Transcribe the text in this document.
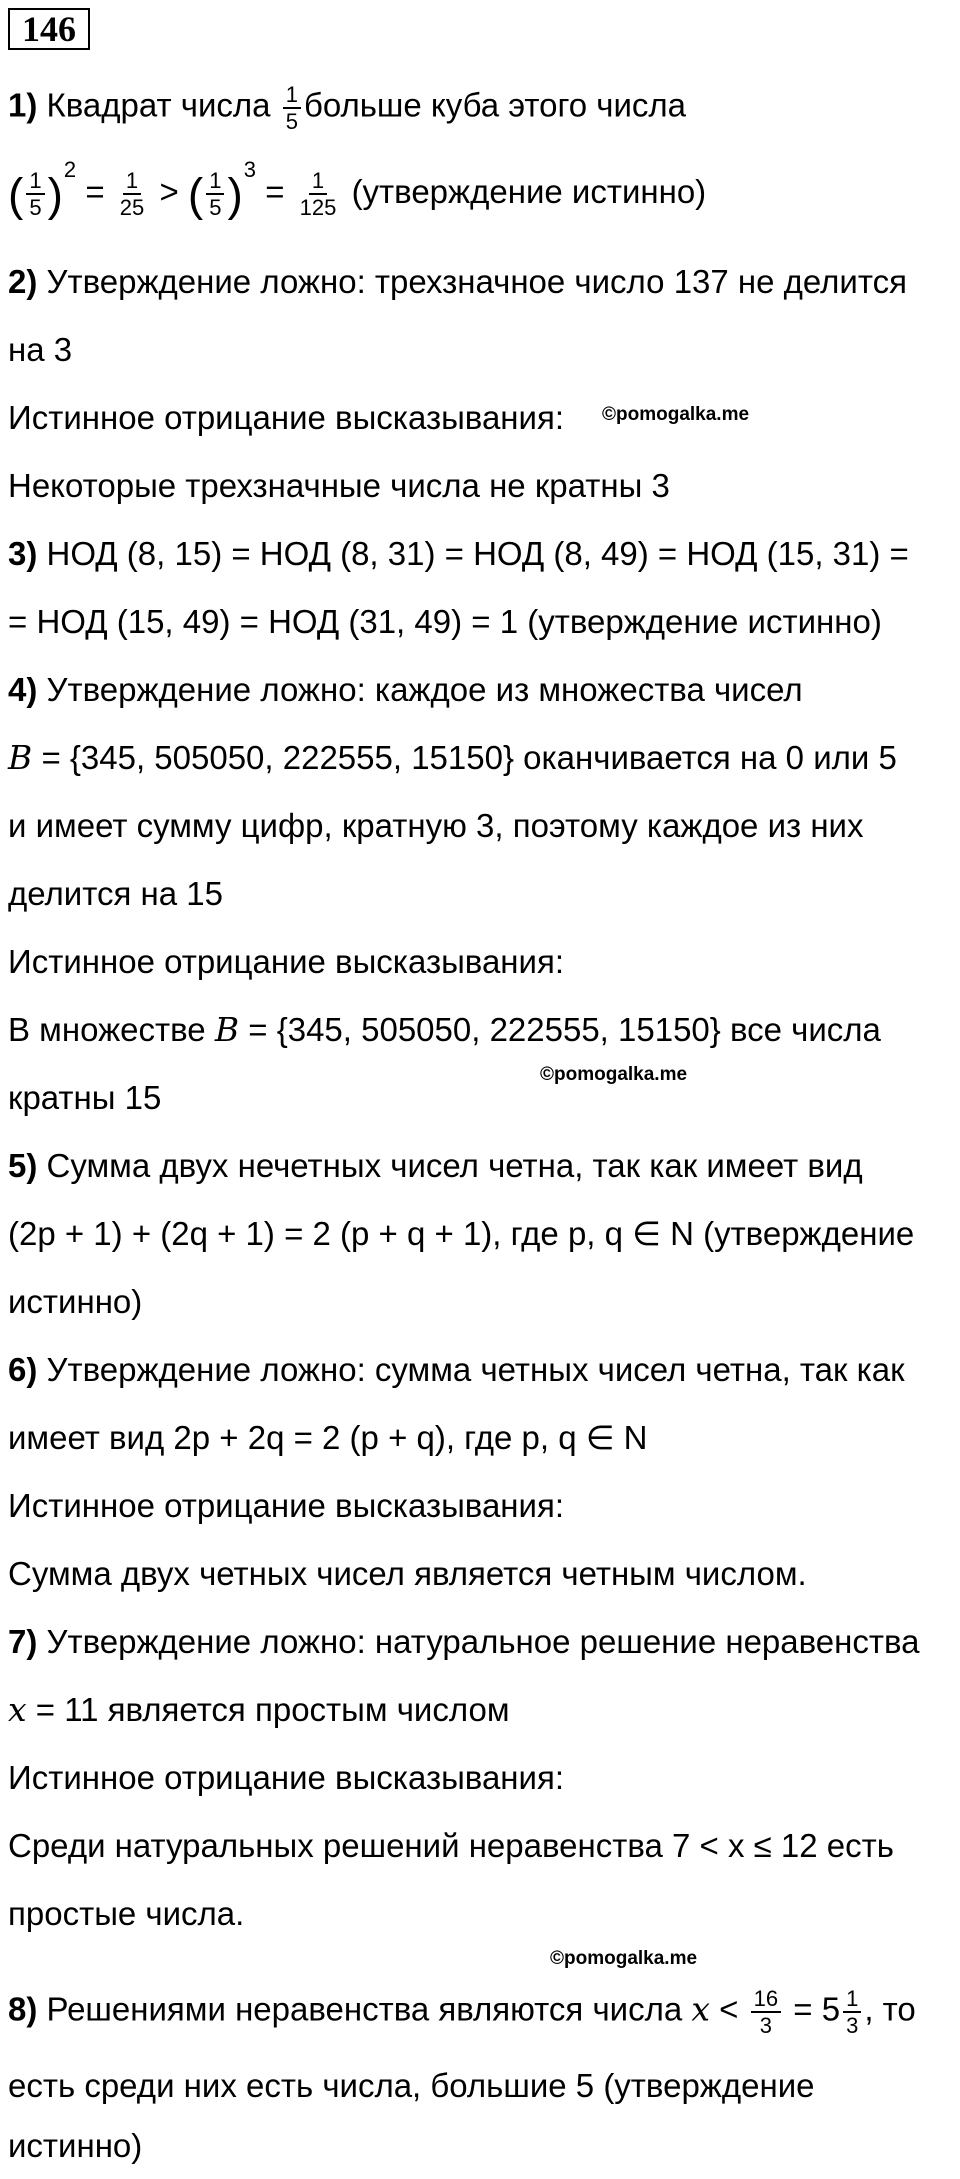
146
1) Квадрат числа $\frac{1}{5}$ больше куба этого числа
( $\frac{1}{5} )^2 = \frac{1}{25}$ > ( $\frac{1}{5} )^3 = \frac{1}{125}$ (утверждение истинно)
2) Утверждение ложно: трехзначное число 137 не делится
на 3
Истинное отрицание высказывания: ©pomogalka.me
Некоторые трехзначные числа не кратны 3
3) НОД (8, 15) = НОД (8, 31) = НОД (8, 49) = НОД (15, 31) =
= НОД (15, 49) = НОД (31, 49) = 1 (утверждение истинно)
4) Утверждение ложно: каждое из множества чисел
B = {345, 505050, 222555, 15150} оканчивается на 0 или 5
и имеет сумму цифр, кратную 3, поэтому каждое из них
делится на 15
Истинное отрицание высказывания:
В множестве B = {345, 505050, 222555, 15150} все числа
©pomogalka.me
кратны 15
5) Сумма двух нечетных чисел четна, так как имеет вид
(2p + 1) + (2q + 1) = 2 (p + q + 1), где p, q ∈ N (утверждение
истинно)
6) Утверждение ложно: сумма четных чисел четна, так как
имеет вид 2p + 2q = 2 (p + q), где p, q ∈ N
Истинное отрицание высказывания:
Сумма двух четных чисел является четным числом.
7) Утверждение ложно: натуральное решение неравенства
x = 11 является простым числом
Истинное отрицание высказывания:
Среди натуральных решений неравенства 7 < x ≤ 12 есть
простые числа.
©pomogalka.me
8) Решениями неравенства являются числа $x < \frac{16}{3} = 5 \frac{1}{3}$ , то
есть среди них есть числа, большие 5 (утверждение
истинно)
